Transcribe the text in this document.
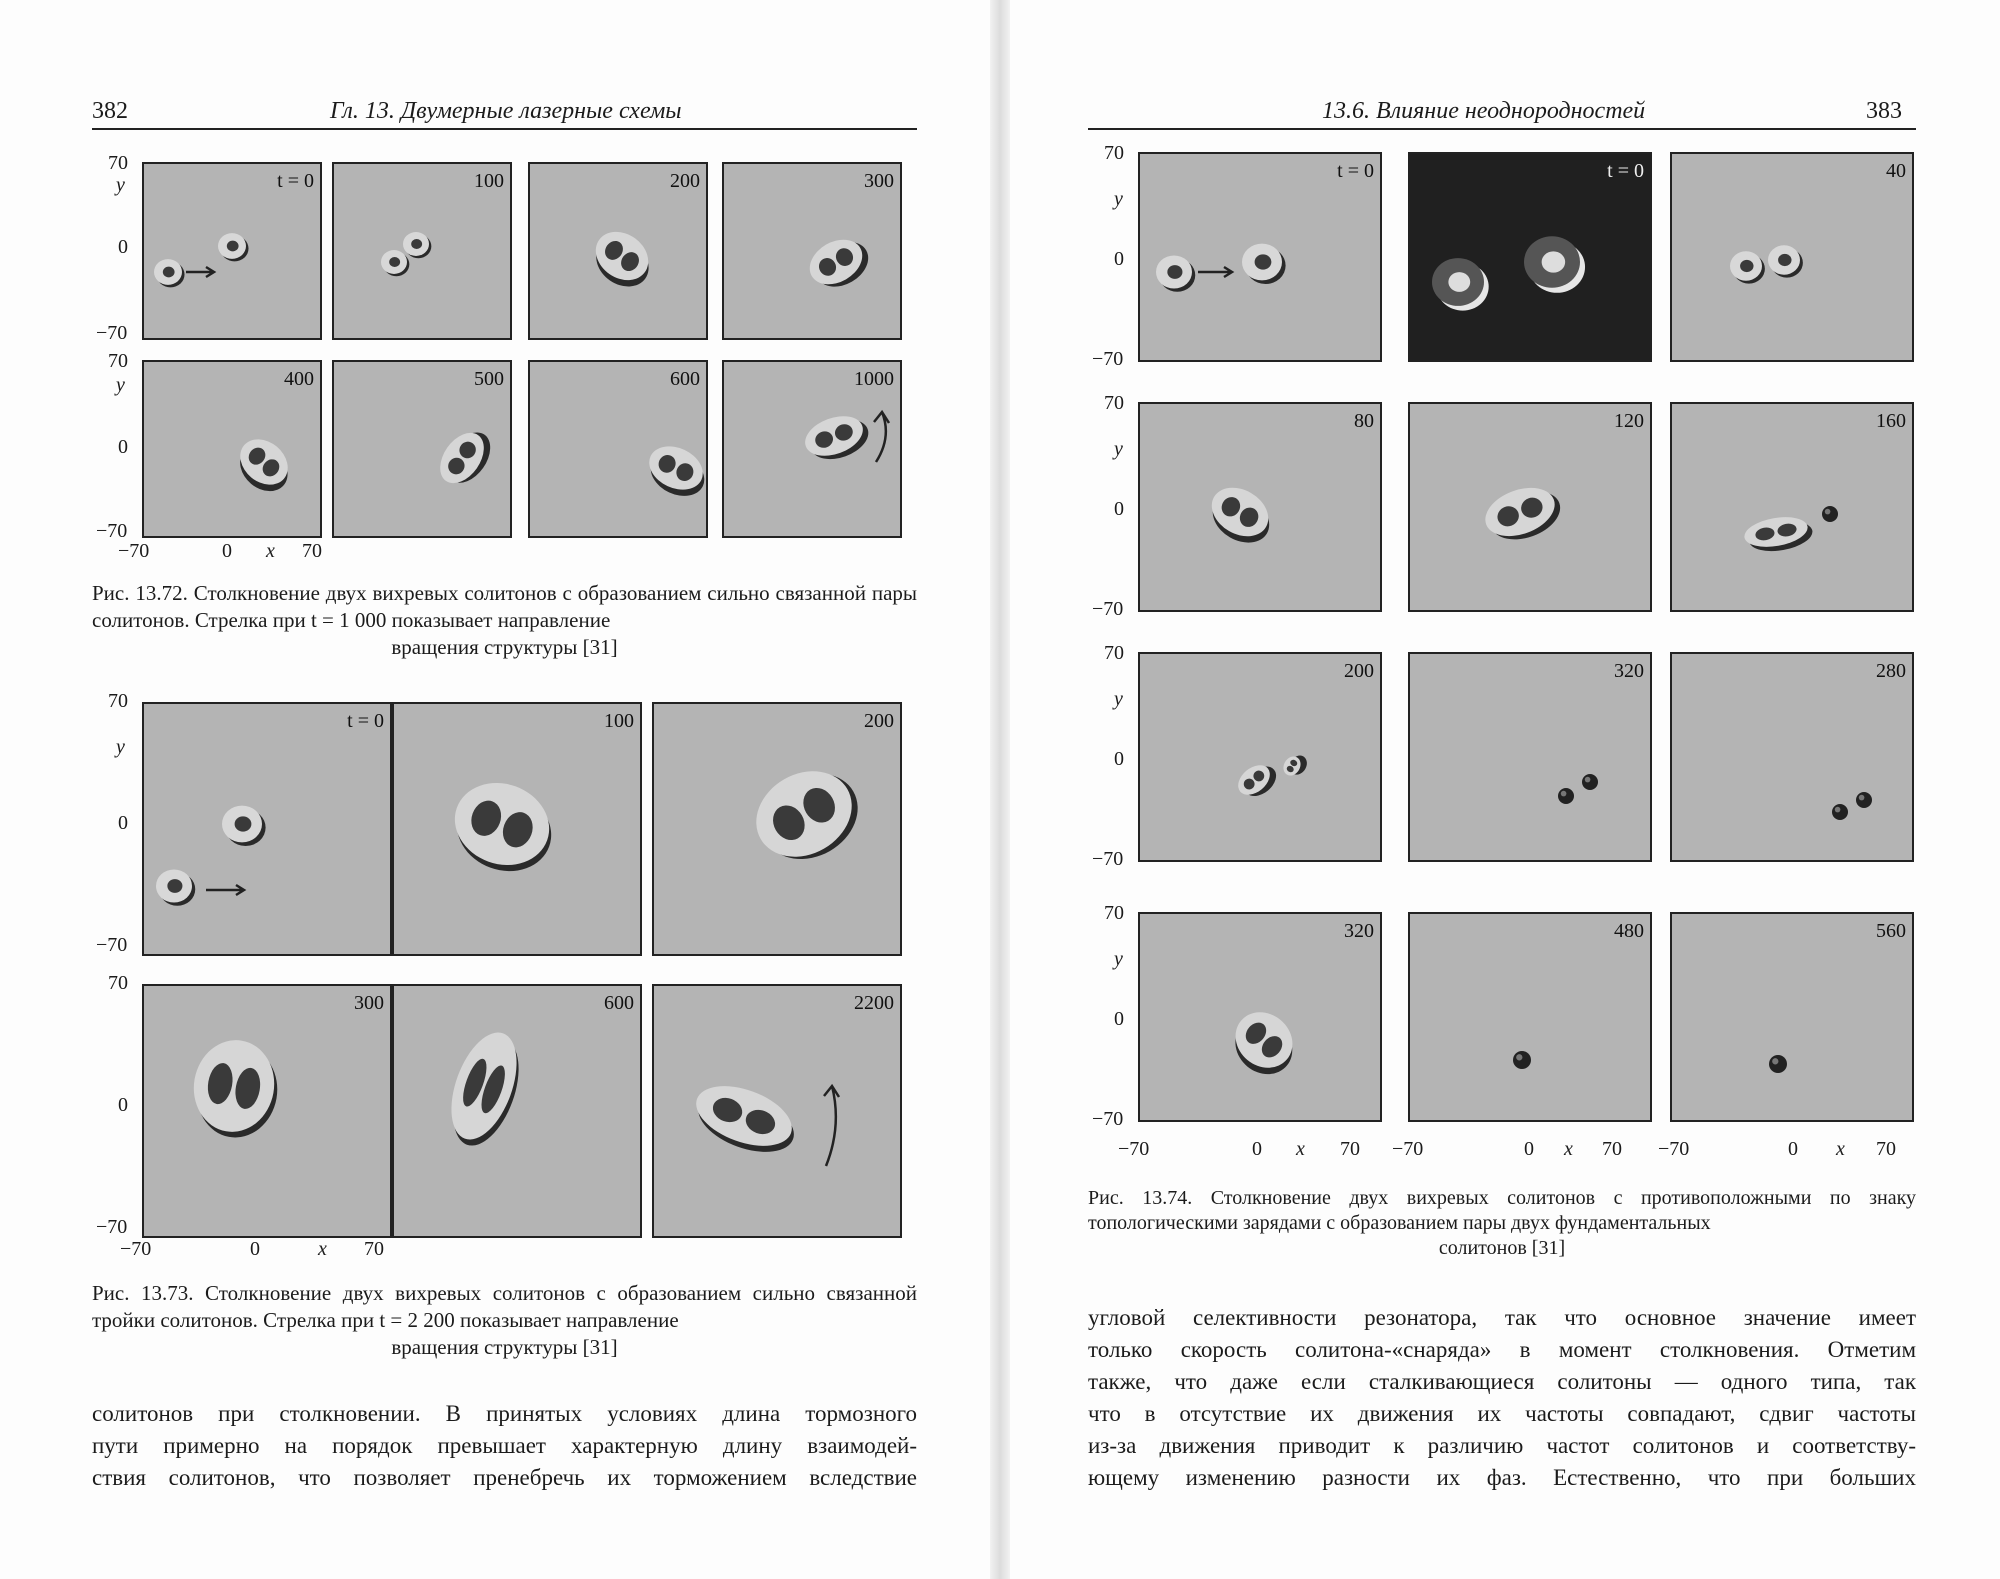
382	Гл. 13. Двумерные лазерные схемы
t = 0	100	200	300
400	500	600	1000
70
y
0
−70
70
y
0
−70
−70	0 x 70
Рис. 13.72. Столкновение двух вихревых солитонов с образованием сильно связанной пары солитонов. Стрелка при t = 1 000 показывает направление
вращения структуры [31]
t = 0	100	200
300	600	2200
70
y
0
−70
70
0
−70
−70	0	x 70
Рис. 13.73. Столкновение двух вихревых солитонов с образованием сильно связанной тройки солитонов. Стрелка при t = 2 200 показывает направление
вращения структуры [31]
солитонов при столкновении. В принятых условиях длина тормозного
пути примерно на порядок превышает характерную длину взаимодей-
ствия солитонов, что позволяет пренебречь их торможением вследствие
13.6. Влияние неоднородностей	383
t = 0	t = 0	40
80	120	160
200	320	280
320	480	560
70
y
0
−70
70
y
0
−70
70
y
0
−70
70
y
0
−70
−70	0 x 70 −70	0 x 70 −70	0 x 70
Рис. 13.74. Столкновение двух вихревых солитонов с противоположными по знаку топологическими зарядами с образованием пары двух фундаментальных
солитонов [31]
угловой селективности резонатора, так что основное значение имеет
только скорость солитона-«снаряда» в момент столкновения. Отметим
также, что даже если сталкивающиеся солитоны — одного типа, так
что в отсутствие их движения их частоты совпадают, сдвиг частоты
из-за движения приводит к различию частот солитонов и соответству-
ющему изменению разности их фаз. Естественно, что при больших
